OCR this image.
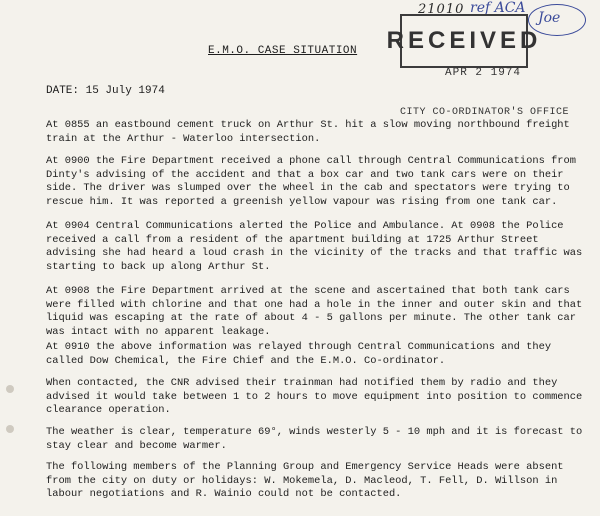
21010 ref ACA
RECEIVED
Joe
APR 2 1974
CITY CO-ORDINATOR'S OFFICE
E.M.O. CASE SITUATION
DATE: 15 July 1974

At 0855 an eastbound cement truck on Arthur St. hit a slow moving northbound freight train at the Arthur - Waterloo intersection.

At 0900 the Fire Department received a phone call through Central Communications from Dinty's advising of the accident and that a box car and two tank cars were on their side. The driver was slumped over the wheel in the cab and spectators were trying to rescue him. It was reported a greenish yellow vapour was rising from one tank car.

At 0904 Central Communications alerted the Police and Ambulance. At 0908 the Police received a call from a resident of the apartment building at 1725 Arthur Street advising she had heard a loud crash in the vicinity of the tracks and that traffic was starting to back up along Arthur St.

At 0908 the Fire Department arrived at the scene and ascertained that both tank cars were filled with chlorine and that one had a hole in the inner and outer skin and that liquid was escaping at the rate of about 4 - 5 gallons per minute. The other tank car was intact with no apparent leakage.

At 0910 the above information was relayed through Central Communications and they called Dow Chemical, the Fire Chief and the E.M.O. Co-ordinator.

When contacted, the CNR advised their trainman had notified them by radio and they advised it would take between 1 to 2 hours to move equipment into position to commence clearance operation.

The weather is clear, temperature 69°, winds westerly 5 - 10 mph and it is forecast to stay clear and become warmer.

The following members of the Planning Group and Emergency Service Heads were absent from the city on duty or holidays: W. Mokemela, D. Macleod, T. Fell, D. Willson in labour negotiations and R. Wainio could not be contacted.
